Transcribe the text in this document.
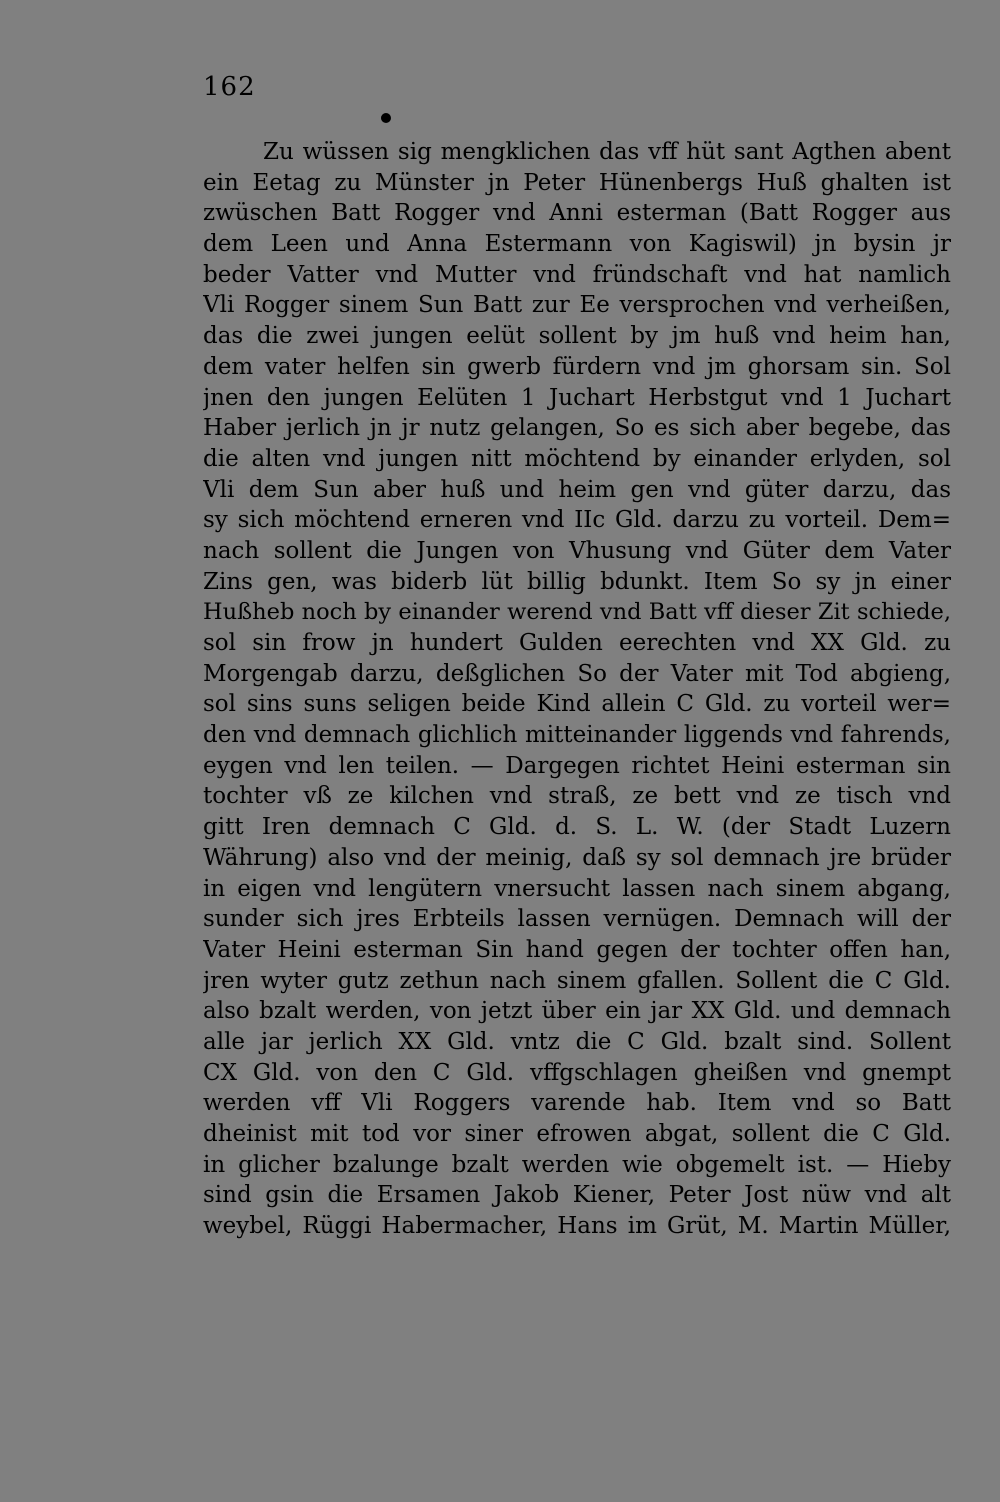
162
Zu wüssen sig mengklichen das vff hüt sant Agthen abent
ein Eetag zu Münster jn Peter Hünenbergs Huß ghalten ist
zwüschen Batt Rogger vnd Anni esterman (Batt Rogger aus
dem Leen und Anna Estermann von Kagiswil) jn bysin jr
beder Vatter vnd Mutter vnd fründschaft vnd hat namlich
Vli Rogger sinem Sun Batt zur Ee versprochen vnd verheißen,
das die zwei jungen eelüt sollent by jm huß vnd heim han,
dem vater helfen sin gwerb fürdern vnd jm ghorsam sin. Sol
jnen den jungen Eelüten 1 Juchart Herbstgut vnd 1 Juchart
Haber jerlich jn jr nutz gelangen, So es sich aber begebe, das
die alten vnd jungen nitt möchtend by einander erlyden, sol
Vli dem Sun aber huß und heim gen vnd güter darzu, das
sy sich möchtend erneren vnd IIc Gld. darzu zu vorteil. Dem=
nach sollent die Jungen von Vhusung vnd Güter dem Vater
Zins gen, was biderb lüt billig bdunkt. Item So sy jn einer
Hußheb noch by einander werend vnd Batt vff dieser Zit schiede,
sol sin frow jn hundert Gulden eerechten vnd XX Gld. zu
Morgengab darzu, deßglichen So der Vater mit Tod abgieng,
sol sins suns seligen beide Kind allein C Gld. zu vorteil wer=
den vnd demnach glichlich mitteinander liggends vnd fahrends,
eygen vnd len teilen. — Dargegen richtet Heini esterman sin
tochter vß ze kilchen vnd straß, ze bett vnd ze tisch vnd
gitt Iren demnach C Gld. d. S. L. W. (der Stadt Luzern
Währung) also vnd der meinig, daß sy sol demnach jre brüder
in eigen vnd lengütern vnersucht lassen nach sinem abgang,
sunder sich jres Erbteils lassen vernügen. Demnach will der
Vater Heini esterman Sin hand gegen der tochter offen han,
jren wyter gutz zethun nach sinem gfallen. Sollent die C Gld.
also bzalt werden, von jetzt über ein jar XX Gld. und demnach
alle jar jerlich XX Gld. vntz die C Gld. bzalt sind. Sollent
CX Gld. von den C Gld. vffgschlagen gheißen vnd gnempt
werden vff Vli Roggers varende hab. Item vnd so Batt
dheinist mit tod vor siner efrowen abgat, sollent die C Gld.
in glicher bzalunge bzalt werden wie obgemelt ist. — Hieby
sind gsin die Ersamen Jakob Kiener, Peter Jost nüw vnd alt
weybel, Rüggi Habermacher, Hans im Grüt, M. Martin Müller,
